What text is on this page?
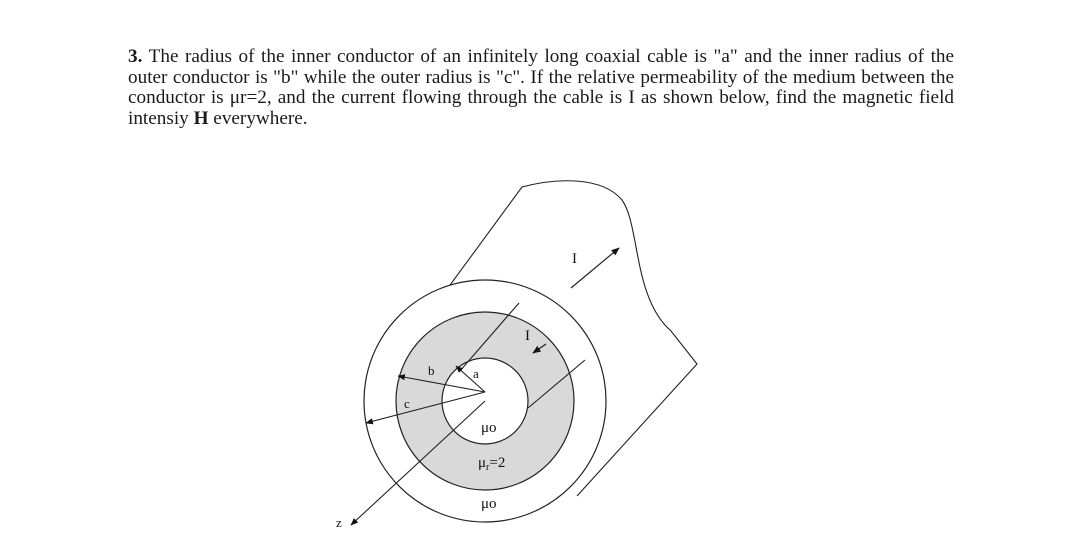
3. The radius of the inner conductor of an infinitely long coaxial cable is "a" and the inner radius of the outer conductor is "b" while the outer radius is "c". If the relative permeability of the medium between the conductor is μr=2, and the current flowing through the cable is I as shown below, find the magnetic field intensiy H everywhere.
I
I
a
b
c
z
μo
$\mu_r=2$
μo
